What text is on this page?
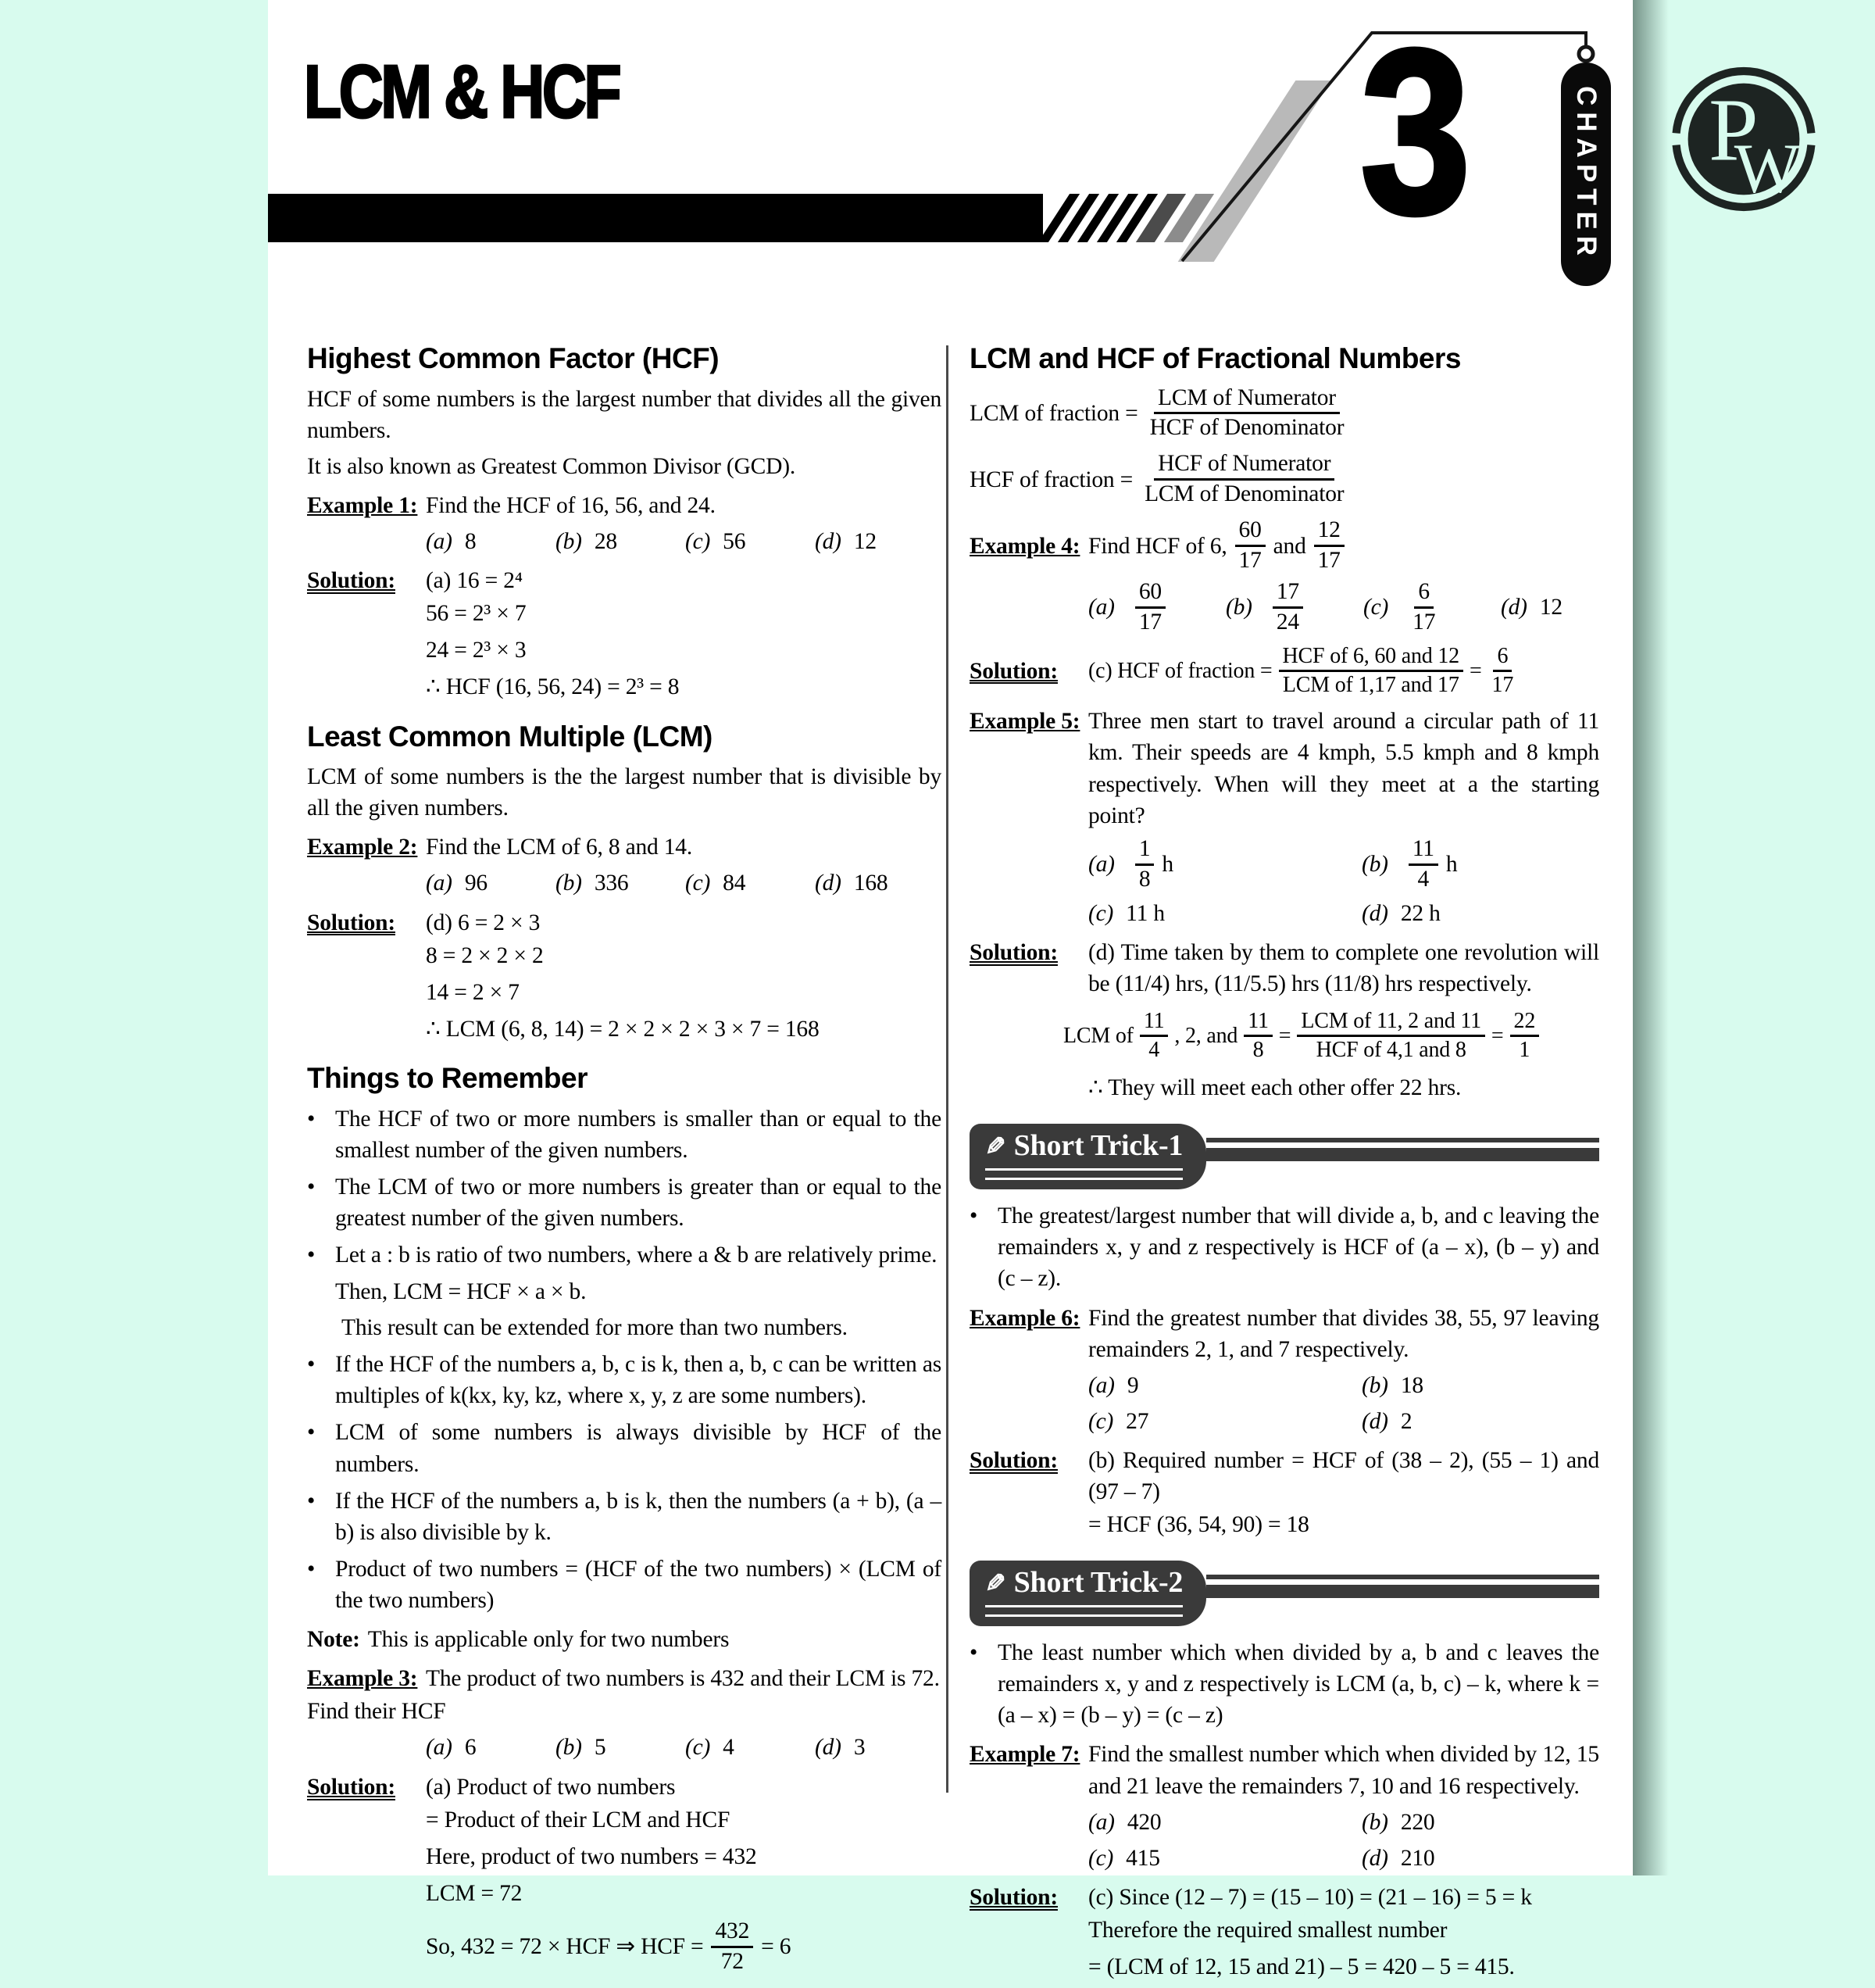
LCM & HCF	3	CHAPTER
Highest Common Factor (HCF)
HCF of some numbers is the largest number that divides all the given numbers.
It is also known as Greatest Common Divisor (GCD).
Example 1: Find the HCF of 16, 56, and 24.
(a) 8	(b) 28	(c) 56	(d) 12
Solution:	(a) 16 = 2⁴
56 = 2³ × 7
24 = 2³ × 3
∴ HCF (16, 56, 24) = 2³ = 8
Least Common Multiple (LCM)
LCM of some numbers is the the largest number that is divisible by all the given numbers.
Example 2: Find the LCM of 6, 8 and 14.
(a) 96	(b) 336	(c) 84	(d) 168
Solution:	(d) 6 = 2 × 3
8 = 2 × 2 × 2
14 = 2 × 7
∴ LCM (6, 8, 14) = 2 × 2 × 2 × 3 × 7 = 168
Things to Remember
• The HCF of two or more numbers is smaller than or equal to the smallest number of the given numbers.
• The LCM of two or more numbers is greater than or equal to the greatest number of the given numbers.
• Let a : b is ratio of two numbers, where a & b are relatively prime.
Then, LCM = HCF × a × b.
This result can be extended for more than two numbers.
• If the HCF of the numbers a, b, c is k, then a, b, c can be written as multiples of k(kx, ky, kz, where x, y, z are some numbers).
• LCM of some numbers is always divisible by HCF of the numbers.
• If the HCF of the numbers a, b is k, then the numbers (a + b), (a – b) is also divisible by k.
• Product of two numbers = (HCF of the two numbers) × (LCM of the two numbers)
Note: This is applicable only for two numbers
Example 3: The product of two numbers is 432 and their LCM is 72.
Find their HCF
(a) 6	(b) 5	(c) 4	(d) 3
Solution:	(a) Product of two numbers
= Product of their LCM and HCF
Here, product of two numbers = 432
LCM = 72
So, 432 = 72 × HCF ⇒ HCF = $\frac{432}{72} = 6$
LCM and HCF of Fractional Numbers
LCM of fraction = $\frac{\text{LCM of Numerator}}{\text{HCF of Denominator}}$
HCF of fraction = $\frac{\text{HCF of Numerator}}{\text{LCM of Denominator}}$
Example 4: Find HCF of 6, $\frac{60}{17}$ and $\frac{12}{17}$
$(a) \frac{60}{17}$	$(b) \frac{17}{24}$	$(c) \frac{6}{17}$	(d) 12
Solution:	(c) HCF of fraction = $\frac{\text{HCF of 6, 60 and 12}}{\text{LCM of 1,17 and 17}} = \frac{6}{17}$
Example 5: Three men start to travel around a circular path of 11 km. Their speeds are 4 kmph, 5.5 kmph and 8 kmph respectively. When will they meet at a the starting point?
$(a) \frac{1}{8}$ h	$(b) \frac{11}{4}$ h
(c) 11 h	(d) 22 h
Solution:	(d) Time taken by them to complete one revolution will be (11/4) hrs, (11/5.5) hrs (11/8) hrs respectively.
LCM of $\frac{11}{4}$ , 2, and $\frac{11}{8} = \frac{\text{LCM of 11, 2 and 11}}{\text{HCF of 4,1 and 8}} = \frac{22}{1}$
∴ They will meet each other offer 22 hrs.
✎ Short Trick-1
• The greatest/largest number that will divide a, b, and c leaving the remainders x, y and z respectively is HCF of (a – x), (b – y) and (c – z).
Example 6: Find the greatest number that divides 38, 55, 97 leaving remainders 2, 1, and 7 respectively.
(a) 9	(b) 18
(c) 27	(d) 2
Solution:	(b) Required number = HCF of (38 – 2), (55 – 1) and (97 – 7)
= HCF (36, 54, 90) = 18
✎ Short Trick-2
• The least number which when divided by a, b and c leaves the remainders x, y and z respectively is LCM (a, b, c) – k, where k = (a – x) = (b – y) = (c – z)
Example 7: Find the smallest number which when divided by 12, 15 and 21 leave the remainders 7, 10 and 16 respectively.
(a) 420	(b) 220
(c) 415	(d) 210
Solution:	(c) Since (12 – 7) = (15 – 10) = (21 – 16) = 5 = k
Therefore the required smallest number
= (LCM of 12, 15 and 21) – 5 = 420 – 5 = 415.
P
W
